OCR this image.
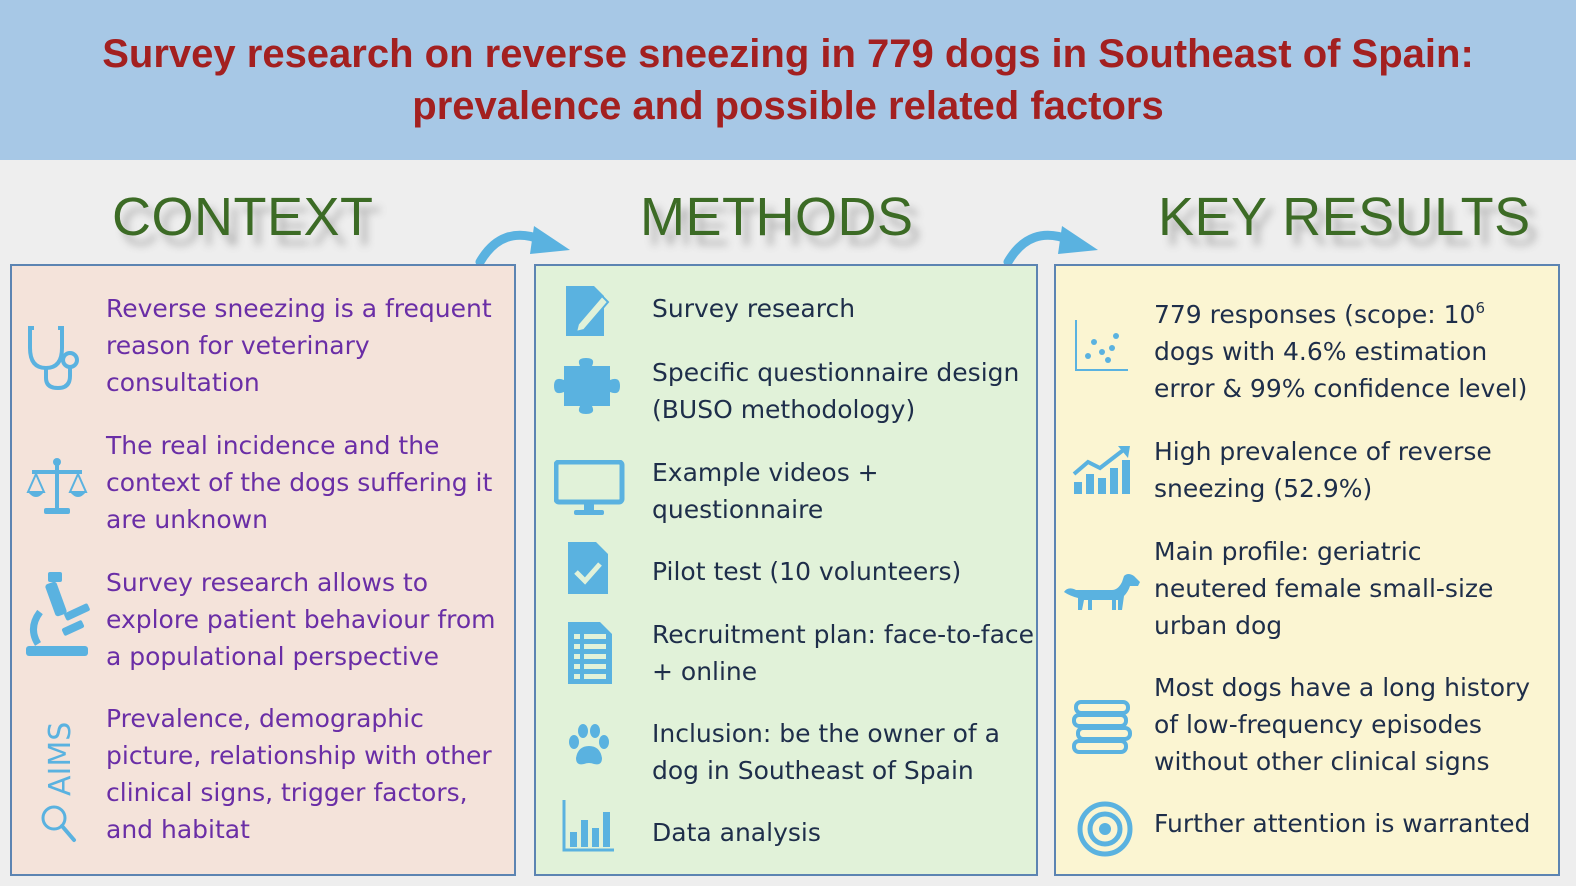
Survey research on reverse sneezing in 779 dogs in Southeast of Spain:
prevalence and possible related factors
CONTEXT	METHODS	KEY RESULTS
Reverse sneezing is a frequent
reason for veterinary
consultation
The real incidence and the
context of the dogs suffering it
are unknown
Survey research allows to
explore patient behaviour from
a populational perspective
AIMS
Prevalence, demographic
picture, relationship with other
clinical signs, trigger factors,
and habitat
Survey research
Specific questionnaire design
(BUSO methodology)
Example videos +
questionnaire
Pilot test (10 volunteers)
Recruitment plan: face-to-face
+ online
Inclusion: be the owner of a
dog in Southeast of Spain
Data analysis
779 responses (scope: $10^6$
dogs with 4.6% estimation
error & 99% confidence level)
High prevalence of reverse
sneezing (52.9%)
Main profile: geriatric
neutered female small-size
urban dog
Most dogs have a long history
of low-frequency episodes
without other clinical signs
Further attention is warranted
